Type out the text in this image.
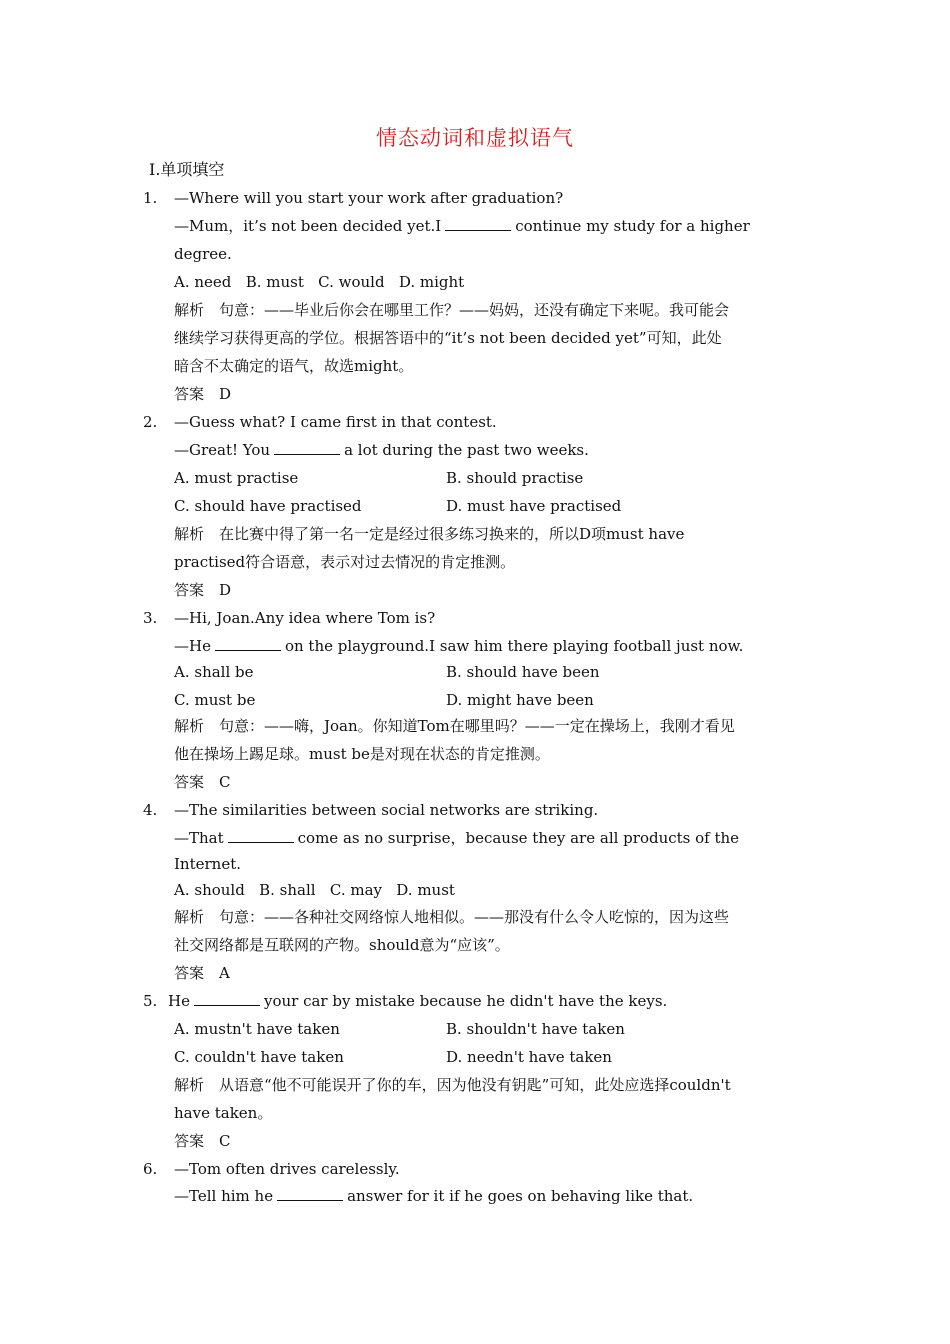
情态动词和虚拟语气
Ⅰ.单项填空
1. —Where will you start your work after graduation?
—Mum，it’s not been decided yet.I	continue my study for a higher
degree.
A. need   B. must   C. would   D. might
解析　句意：——毕业后你会在哪里工作？——妈妈，还没有确定下来呢。我可能会
继续学习获得更高的学位。根据答语中的“it’s not been decided yet”可知，此处
暗含不太确定的语气，故选might。
答案　D
2. —Guess what? I came first in that contest.
—Great! You	a lot during the past two weeks.
A. must practise	B. should practise
C. should have practised	D. must have practised
解析　在比赛中得了第一名一定是经过很多练习换来的，所以D项must have
practised符合语意，表示对过去情况的肯定推测。
答案　D
3. —Hi, Joan.Any idea where Tom is?
—He	on the playground.I saw him there playing football just now.
A. shall be	B. should have been
C. must be	D. might have been
解析　句意：——嗨，Joan。你知道Tom在哪里吗？——一定在操场上，我刚才看见
他在操场上踢足球。must be是对现在状态的肯定推测。
答案　C
4. —The similarities between social networks are striking.
—That	come as no surprise，because they are all products of the
Internet.
A. should   B. shall   C. may   D. must
解析　句意：——各种社交网络惊人地相似。——那没有什么令人吃惊的，因为这些
社交网络都是互联网的产物。should意为“应该”。
答案　A
5. He	your car by mistake because he didn't have the keys.
A. mustn't have taken	B. shouldn't have taken
C. couldn't have taken	D. needn't have taken
解析　从语意“他不可能误开了你的车，因为他没有钥匙”可知，此处应选择couldn't
have taken。
答案　C
6. —Tom often drives carelessly.
—Tell him he	answer for it if he goes on behaving like that.
